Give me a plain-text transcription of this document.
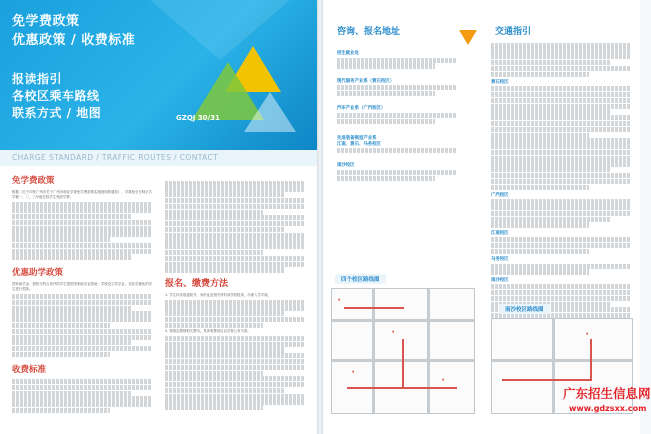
免学费政策
优惠政策 / 收费标准
报读指引
各校区乘车路线
联系方式 / 地图	GZQJ 30/31
CHARGE STANDARD / TRAFFIC ROUTES / CONTACT
免学费政策
根据《关于印发广州市关于广州市职业学校免学费政策实施细则的通知》，对我校全日制正式学籍一、二、三年级在校学生免除学费。
优惠助学政策
国家助学金：我校为符合条件的学生提供国家助学金资助；学校设立奖学金，对品学兼优的学生进行奖励。
收费标准
报名、缴费方法
1. 学生持录取通知书、身份证及相关材料到学校报到，办理入学手续。
2. 按规定缴纳相关费用，具体收费项目以学校公布为准。
咨询、报名地址
招生就业处
现代服务产业系（黄石校区）
汽车产业系（广汽校区）
先进装备制造产业系
江南、黄石、马务校区
南沙校区
四个校区路线图
▲
▲
▲
▲
交通指引
黄石校区
广汽校区
江南校区
马务校区
南沙校区
南沙校区路线图
▲
广东招生信息网
www.gdzsxx.com
